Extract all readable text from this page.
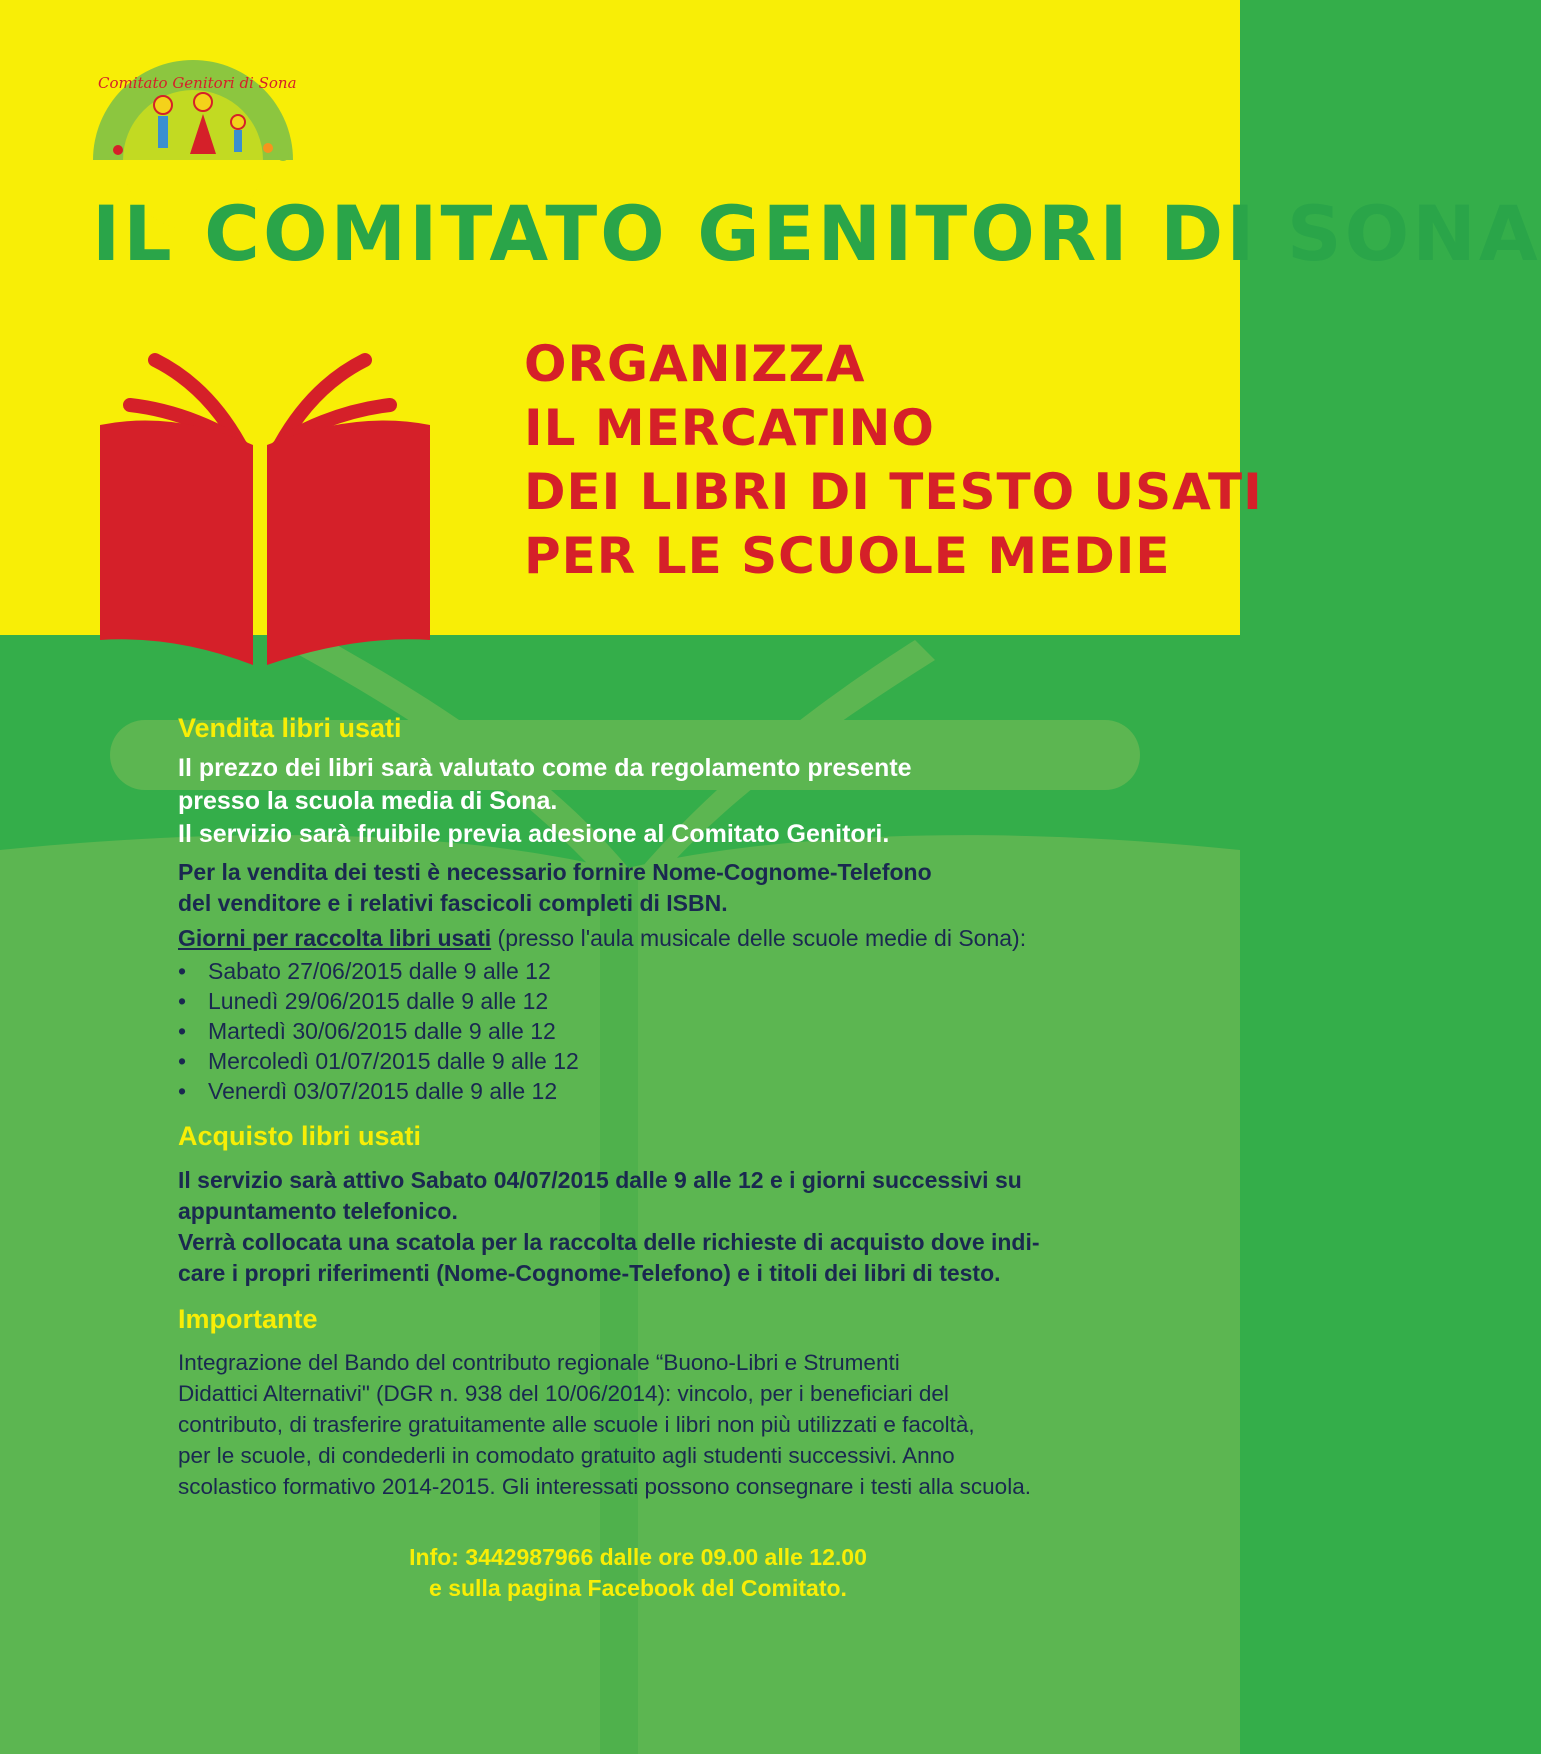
Comitato Genitori di Sona
IL COMITATO GENITORI DI SONA
ORGANIZZA
IL MERCATINO
DEI LIBRI DI TESTO USATI
PER LE SCUOLE MEDIE
Vendita libri usati
Il prezzo dei libri sarà valutato come da regolamento presente
presso la scuola media di Sona.
Il servizio sarà fruibile previa adesione al Comitato Genitori.
Per la vendita dei testi è necessario fornire Nome-Cognome-Telefono
del venditore e i relativi fascicoli completi di ISBN.
Giorni per raccolta libri usati (presso l'aula musicale delle scuole medie di Sona):
• Sabato 27/06/2015 dalle 9 alle 12
• Lunedì 29/06/2015 dalle 9 alle 12
• Martedì 30/06/2015 dalle 9 alle 12
• Mercoledì 01/07/2015 dalle 9 alle 12
• Venerdì 03/07/2015 dalle 9 alle 12
Acquisto libri usati
Il servizio sarà attivo Sabato 04/07/2015 dalle 9 alle 12 e i giorni successivi su
appuntamento telefonico.
Verrà collocata una scatola per la raccolta delle richieste di acquisto dove indi-
care i propri riferimenti (Nome-Cognome-Telefono) e i titoli dei libri di testo.
Importante
Integrazione del Bando del contributo regionale “Buono-Libri e Strumenti
Didattici Alternativi" (DGR n. 938 del 10/06/2014): vincolo, per i beneficiari del
contributo, di trasferire gratuitamente alle scuole i libri non più utilizzati e facoltà,
per le scuole, di condederli in comodato gratuito agli studenti successivi. Anno
scolastico formativo 2014-2015. Gli interessati possono consegnare i testi alla scuola.
Info: 3442987966 dalle ore 09.00 alle 12.00
e sulla pagina Facebook del Comitato.
